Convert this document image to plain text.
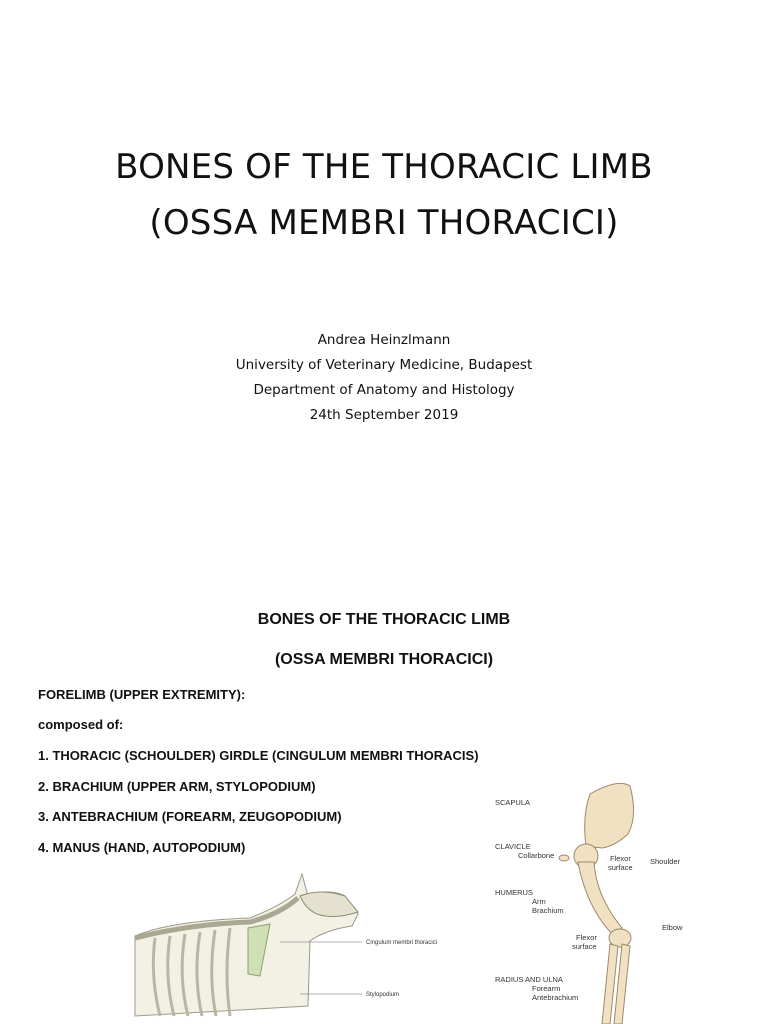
BONES OF THE THORACIC LIMB
(OSSA MEMBRI THORACICI)
Andrea Heinzlmann
University of Veterinary Medicine, Budapest
Department of Anatomy and Histology
24th September 2019
BONES OF THE THORACIC LIMB
(OSSA MEMBRI THORACICI)
FORELIMB (UPPER EXTREMITY):
composed of:
1. THORACIC (SCHOULDER) GIRDLE (CINGULUM MEMBRI THORACIS)
2. BRACHIUM (UPPER ARM, STYLOPODIUM)
3. ANTEBRACHIUM (FOREARM, ZEUGOPODIUM)
4. MANUS (HAND, AUTOPODIUM)
Cingulum membri thoracici
Stylopodium
SCAPULA
CLAVICLE
Collarbone	Flexor
surface
Shoulder
HUMERUS
Arm
Brachium
Flexor
surface
Elbow
RADIUS AND ULNA
Forearm
Antebrachium
